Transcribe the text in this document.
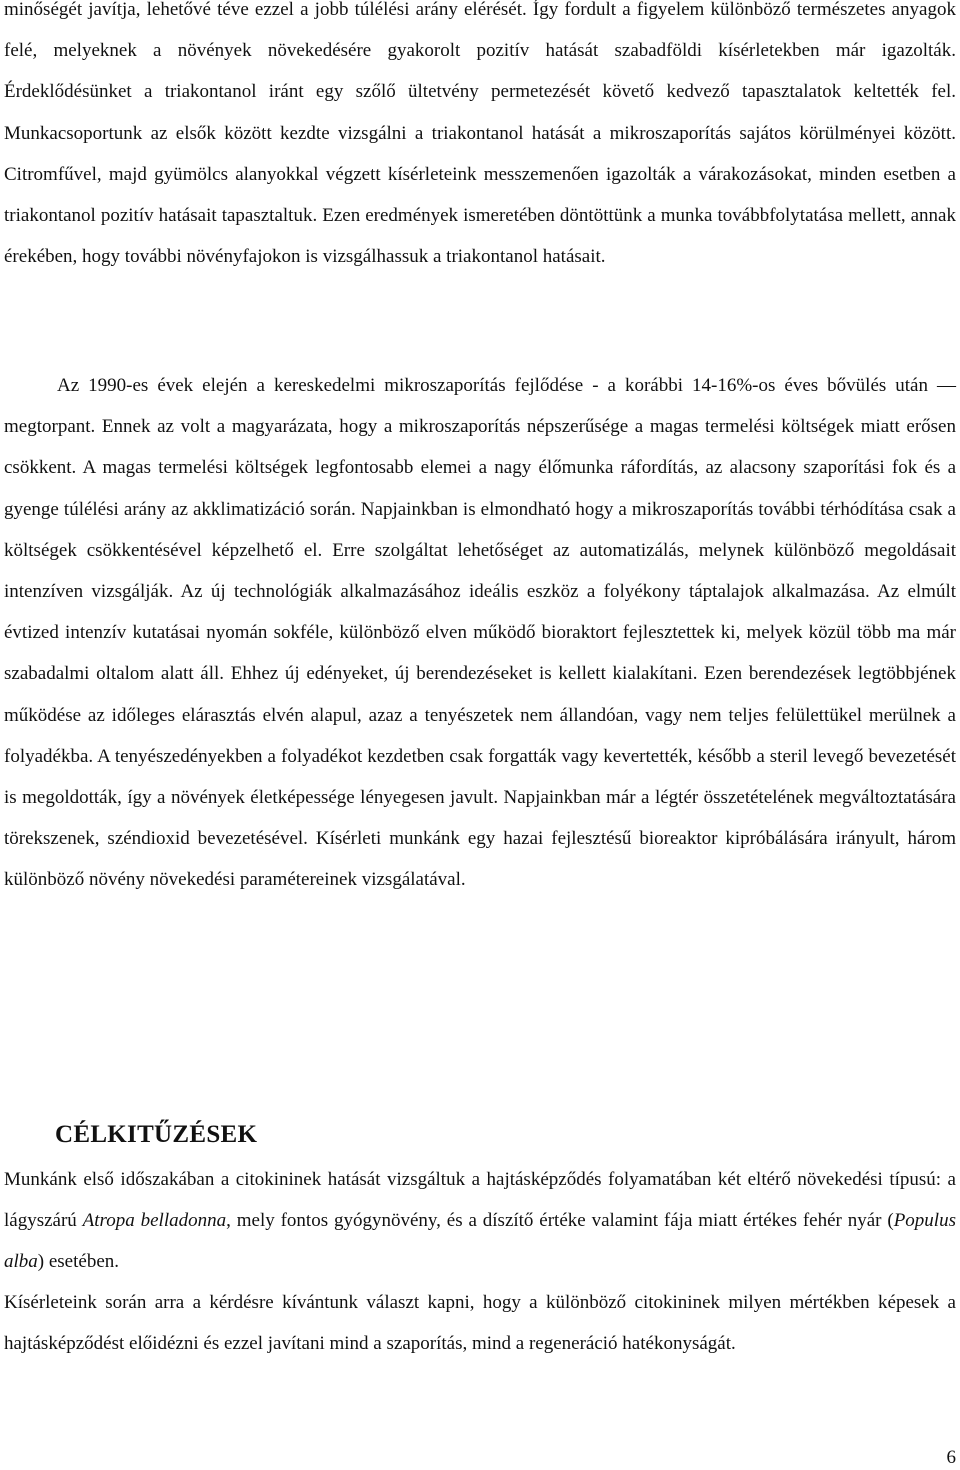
minőségét javítja, lehetővé téve ezzel a jobb túlélési arány elérését. Így fordult a figyelem különböző természetes anyagok felé, melyeknek a növények növekedésére gyakorolt pozitív hatását szabadföldi kísérletekben már igazolták. Érdeklődésünket a triakontanol iránt egy szőlő ültetvény permetezését követő kedvező tapasztalatok keltették fel. Munkacsoportunk az elsők között kezdte vizsgálni a triakontanol hatását a mikroszaporítás sajátos körülményei között. Citromfűvel, majd gyümölcs alanyokkal végzett kísérleteink messzemenően igazolták a várakozásokat, minden esetben a triakontanol pozitív hatásait tapasztaltuk. Ezen eredmények ismeretében döntöttünk a munka továbbfolytatása mellett, annak érekében, hogy további növényfajokon is vizsgálhassuk a triakontanol hatásait.

Az 1990-es évek elején a kereskedelmi mikroszaporítás fejlődése - a korábbi 14-16%-os éves bővülés után ― megtorpant. Ennek az volt a magyarázata, hogy a mikroszaporítás népszerűsége a magas termelési költségek miatt erősen csökkent. A magas termelési költségek legfontosabb elemei a nagy élőmunka ráfordítás, az alacsony szaporítási fok és a gyenge túlélési arány az akklimatizáció során. Napjainkban is elmondható hogy a mikroszaporítás további térhódítása csak a költségek csökkentésével képzelhető el. Erre szolgáltat lehetőséget az automatizálás, melynek különböző megoldásait intenzíven vizsgálják. Az új technológiák alkalmazásához ideális eszköz a folyékony táptalajok alkalmazása. Az elmúlt évtized intenzív kutatásai nyomán sokféle, különböző elven működő bioraktort fejlesztettek ki, melyek közül több ma már szabadalmi oltalom alatt áll. Ehhez új edényeket, új berendezéseket is kellett kialakítani. Ezen berendezések legtöbbjének működése az időleges elárasztás elvén alapul, azaz a tenyészetek nem állandóan, vagy nem teljes felülettükel merülnek a folyadékba. A tenyészedényekben a folyadékot kezdetben csak forgatták vagy kevertették, később a steril levegő bevezetését is megoldották, így a növények életképessége lényegesen javult. Napjainkban már a légtér összetételének megváltoztatására törekszenek, széndioxid bevezetésével. Kísérleti munkánk egy hazai fejlesztésű bioreaktor kipróbálására irányult, három különböző növény növekedési paramétereinek vizsgálatával.

CÉLKITŰZÉSEK

Munkánk első időszakában a citokininek hatását vizsgáltuk a hajtásképződés folyamatában két eltérő növekedési típusú: a lágyszárú Atropa belladonna, mely fontos gyógynövény, és a díszítő értéke valamint fája miatt értékes fehér nyár (Populus alba) esetében.

Kísérleteink során arra a kérdésre kívántunk választ kapni, hogy a különböző citokininek milyen mértékben képesek a hajtásképződést előidézni és ezzel javítani mind a szaporítás, mind a regeneráció hatékonyságát.

6
